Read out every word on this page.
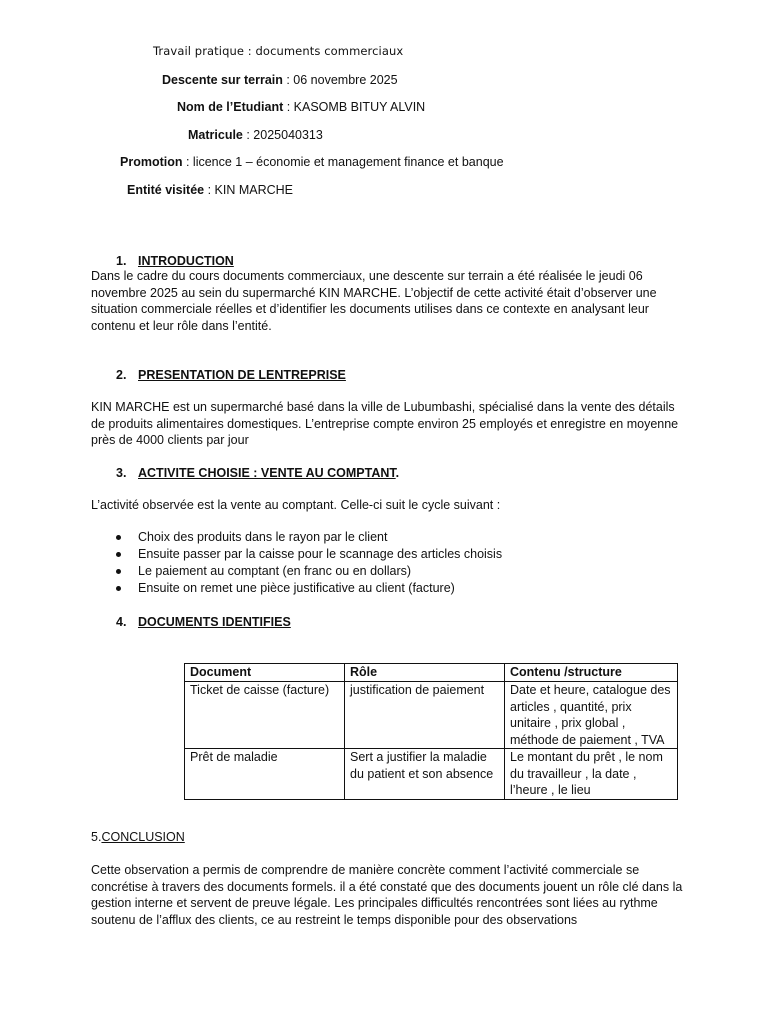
Travail pratique : documents commerciaux
Descente sur terrain : 06 novembre 2025
Nom de l’Etudiant : KASOMB BITUY ALVIN
Matricule : 2025040313
Promotion : licence 1 – économie et management finance et banque
Entité visitée : KIN MARCHE
1. INTRODUCTION
Dans le cadre du cours documents commerciaux, une descente sur terrain a été réalisée le jeudi 06 novembre 2025 au sein du supermarché KIN MARCHE. L’objectif de cette activité était d’observer une situation commerciale réelles et d’identifier les documents utilises dans ce contexte en analysant leur contenu et leur rôle dans l’entité.
2. PRESENTATION DE LENTREPRISE
KIN MARCHE est un supermarché basé dans la ville de Lubumbashi, spécialisé dans la vente des détails de produits alimentaires domestiques. L’entreprise compte environ 25 employés et enregistre en moyenne près de 4000 clients par jour
3. ACTIVITE CHOISIE : VENTE AU COMPTANT.
L’activité observée est la vente au comptant. Celle-ci suit le cycle suivant :
Choix des produits dans le rayon par le client
Ensuite passer par la caisse pour le scannage des articles choisis
Le paiement au comptant (en franc ou en dollars)
Ensuite on remet une pièce justificative au client (facture)
4. DOCUMENTS IDENTIFIES
Document	Rôle	Contenu /structure
Ticket de caisse (facture)	justification de paiement	Date et heure, catalogue des articles , quantité, prix unitaire , prix global , méthode de paiement , TVA
Prêt de maladie	Sert a justifier la maladie du patient et son absence	Le montant du prêt , le nom du travailleur , la date , l’heure , le lieu
5.CONCLUSION
Cette observation a permis de comprendre de manière concrète comment l’activité commerciale se concrétise à travers des documents formels. il a été constaté que des documents jouent un rôle clé dans la gestion interne et servent de preuve légale. Les principales difficultés rencontrées sont liées au rythme soutenu de l’afflux des clients, ce au restreint le temps disponible pour des observations
